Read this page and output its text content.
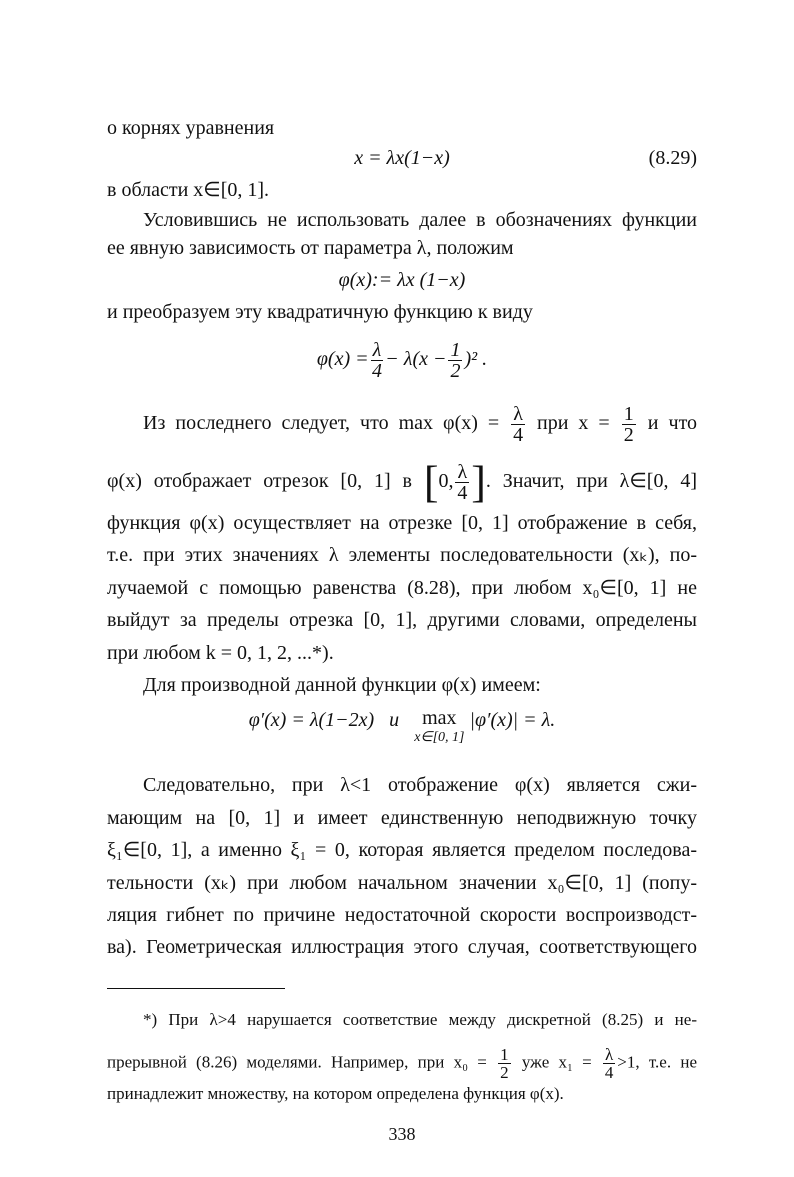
о корнях уравнения
x = λx(1−x)	(8.29)
в области x∈[0, 1].
Условившись не использовать далее в обозначениях функции
ее явную зависимость от параметра λ, положим
φ(x):= λx (1−x)
и преобразуем эту квадратичную функцию к виду
$\varphi(x) = \frac{\lambda}{4} - \lambda(x - \frac{1}{2} )^2$ .
Из последнего следует, что $\max \varphi(x) = \frac{\lambda}{4}$ при $x = \frac{1}{2}$ и что
φ(x) отображает отрезок [0, 1] в [0, $\frac{\lambda}{4}$ ]. Значит, при λ∈[0, 4]
функция φ(x) осуществляет на отрезке [0, 1] отображение в себя,
т.е. при этих значениях λ элементы последовательности (xₖ), по-
лучаемой с помощью равенства (8.28), при любом x₀∈[0, 1] не
выйдут за пределы отрезка [0, 1], другими словами, определены
при любом k = 0, 1, 2, ...*).
Для производной данной функции φ(x) имеем:
φ′(x) = λ(1−2x)   и max
x∈[0, 1]
|φ′(x)| = λ.
Следовательно, при λ<1 отображение φ(x) является сжи-
мающим на [0, 1] и имеет единственную неподвижную точку
ξ₁∈[0, 1], а именно ξ₁ = 0, которая является пределом последова-
тельности (xₖ) при любом начальном значении x₀∈[0, 1] (попу-
ляция гибнет по причине недостаточной скорости воспроизводст-
ва). Геометрическая иллюстрация этого случая, соответствующего
*) При λ>4 нарушается соответствие между дискретной (8.25) и не-
прерывной (8.26) моделями. Например, при $x_0 = \frac{1}{2}$ уже $x_1 = \frac{\lambda}{4} >1$, т.е. не
принадлежит множеству, на котором определена функция φ(x).
338
